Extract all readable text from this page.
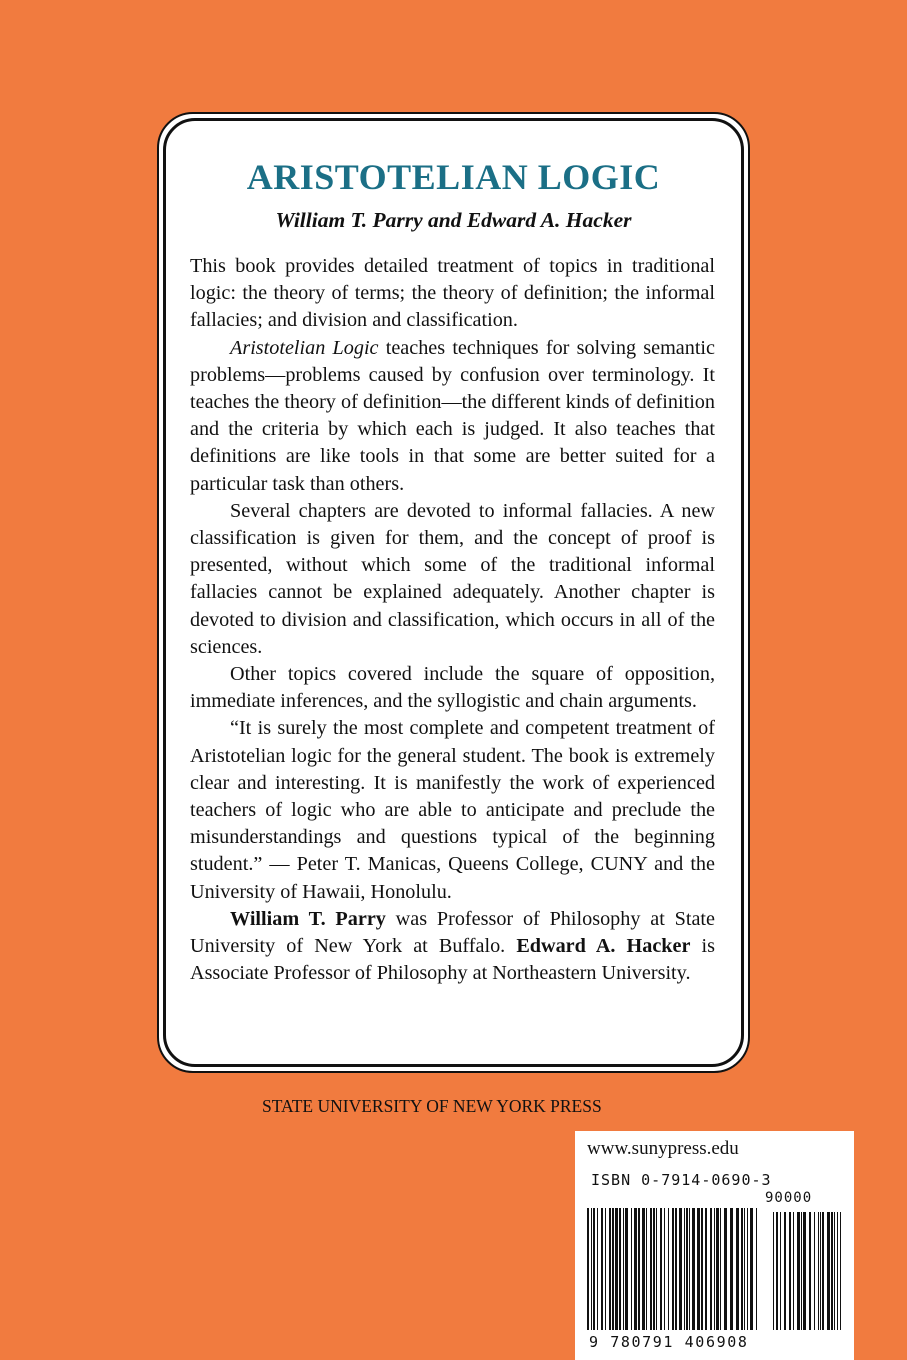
ARISTOTELIAN LOGIC
William T. Parry and Edward A. Hacker

This book provides detailed treatment of topics in traditional logic: the theory of terms; the theory of definition; the informal fallacies; and division and classification.

Aristotelian Logic teaches techniques for solving semantic problems—problems caused by confusion over terminology. It teaches the theory of definition—the different kinds of definition and the criteria by which each is judged. It also teaches that definitions are like tools in that some are better suited for a particular task than others.

Several chapters are devoted to informal fallacies. A new classification is given for them, and the concept of proof is presented, without which some of the traditional informal fallacies cannot be explained adequately. Another chapter is devoted to division and classification, which occurs in all of the sciences.

Other topics covered include the square of opposition, immediate inferences, and the syllogistic and chain arguments.

“It is surely the most complete and competent treatment of Aristotelian logic for the general student. The book is extremely clear and interesting. It is manifestly the work of experienced teachers of logic who are able to anticipate and preclude the misunderstandings and questions typical of the beginning student.” — Peter T. Manicas, Queens College, CUNY and the University of Hawaii, Honolulu.

William T. Parry was Professor of Philosophy at State University of New York at Buffalo. Edward A. Hacker is Associate Professor of Philosophy at Northeastern University.

STATE UNIVERSITY OF NEW YORK PRESS
www.sunypress.edu
ISBN 0-7914-0690-3
90000
9 780791 406908
